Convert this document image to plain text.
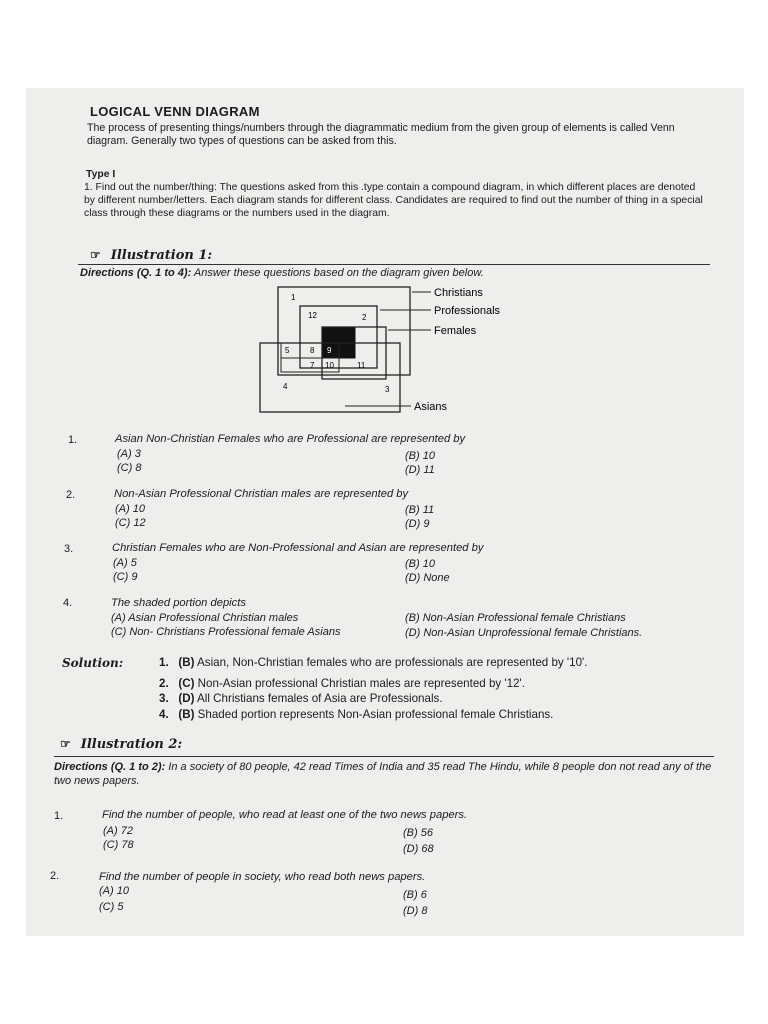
LOGICAL VENN DIAGRAM
The process of presenting things/numbers through the diagrammatic medium from the given group of elements is called Venn diagram. Generally two types of questions can be asked from this.
Type I
1. Find out the number/thing: The questions asked from this .type contain a compound diagram, in which different places are denoted by different number/letters. Each diagram stands for different class. Candidates are required to find out the number of thing in a special class through these diagrams or the numbers used in the diagram.
☞ Illustration 1:
Directions (Q. 1 to 4): Answer these questions based on the diagram given below.
1
12	2
5	8 9
7 10	11
4	3
Christians
Professionals
Females
Asians
1.	Asian Non-Christian Females who are Professional are represented by
(A) 3	(B) 10
(C) 8	(D) 11
2.	Non-Asian Professional Christian males are represented by
(A) 10	(B) 11
(C) 12	(D) 9
3.	Christian Females who are Non-Professional and Asian are represented by
(A) 5	(B) 10
(C) 9	(D) None
4.	The shaded portion depicts
(A) Asian Professional Christian males	(B) Non-Asian Professional female Christians
(C) Non- Christians Professional female Asians	(D) Non-Asian Unprofessional female Christians.
Solution:	1. (B) Asian, Non-Christian females who are professionals are represented by '10'.
2. (C) Non-Asian professional Christian males are represented by '12'.
3. (D) All Christians females of Asia are Professionals.
4. (B) Shaded portion represents Non-Asian professional female Christians.
☞ Illustration 2:
Directions (Q. 1 to 2): In a society of 80 people, 42 read Times of India and 35 read The Hindu, while 8 people don not read any of the two news papers.
1.	Find the number of people, who read at least one of the two news papers.
(A) 72	(B) 56
(C) 78	(D) 68
2.	Find the number of people in society, who read both news papers.
(A) 10	(B) 6
(C) 5	(D) 8
